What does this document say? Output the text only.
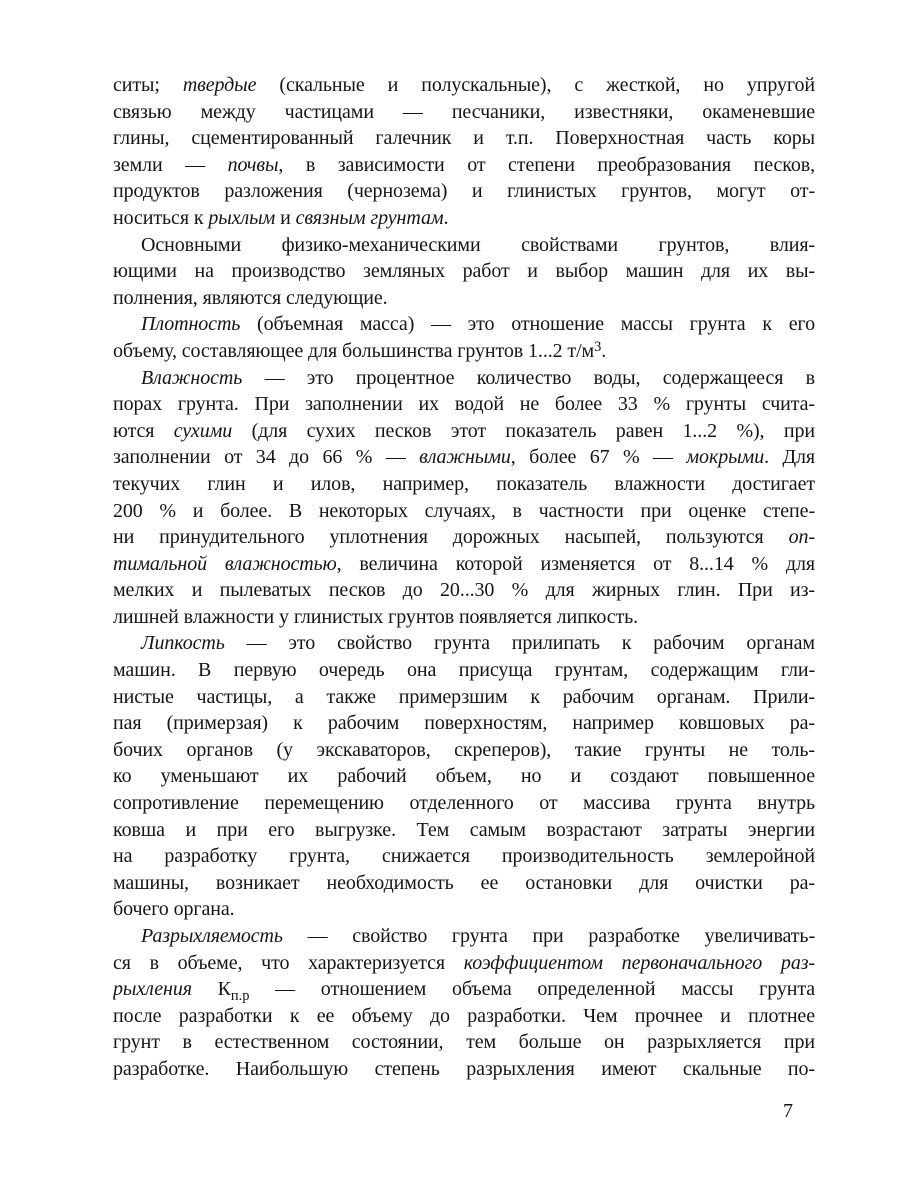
ситы; твердые (скальные и полускальные), с жесткой, но упругой
связью между частицами — песчаники, известняки, окаменевшие
глины, сцементированный галечник и т.п. Поверхностная часть коры
земли — почвы, в зависимости от степени преобразования песков,
продуктов разложения (чернозема) и глинистых грунтов, могут от-
носиться к рыхлым и связным грунтам.
Основными физико-механическими свойствами грунтов, влия-
ющими на производство земляных работ и выбор машин для их вы-
полнения, являются следующие.
Плотность (объемная масса) — это отношение массы грунта к его
объему, составляющее для большинства грунтов 1...2 $т/м^3$.
Влажность — это процентное количество воды, содержащееся в
порах грунта. При заполнении их водой не более 33 % грунты счита-
ются сухими (для сухих песков этот показатель равен 1...2 %), при
заполнении от 34 до 66 % — влажными, более 67 % — мокрыми. Для
текучих глин и илов, например, показатель влажности достигает
200 % и более. В некоторых случаях, в частности при оценке степе-
ни принудительного уплотнения дорожных насыпей, пользуются оп-
тимальной влажностью, величина которой изменяется от 8...14 % для
мелких и пылеватых песков до 20...30 % для жирных глин. При из-
лишней влажности у глинистых грунтов появляется липкость.
Липкость — это свойство грунта прилипать к рабочим органам
машин. В первую очередь она присуща грунтам, содержащим гли-
нистые частицы, а также примерзшим к рабочим органам. Прили-
пая (примерзая) к рабочим поверхностям, например ковшовых ра-
бочих органов (у экскаваторов, скреперов), такие грунты не толь-
ко уменьшают их рабочий объем, но и создают повышенное
сопротивление перемещению отделенного от массива грунта внутрь
ковша и при его выгрузке. Тем самым возрастают затраты энергии
на разработку грунта, снижается производительность землеройной
машины, возникает необходимость ее остановки для очистки ра-
бочего органа.
Разрыхляемость — свойство грунта при разработке увеличивать-
ся в объеме, что характеризуется коэффициентом первоначального раз-
рыхления $К_{п.р}$ — отношением объема определенной массы грунта
после разработки к ее объему до разработки. Чем прочнее и плотнее
грунт в естественном состоянии, тем больше он разрыхляется при
разработке. Наибольшую степень разрыхления имеют скальные по-
7
